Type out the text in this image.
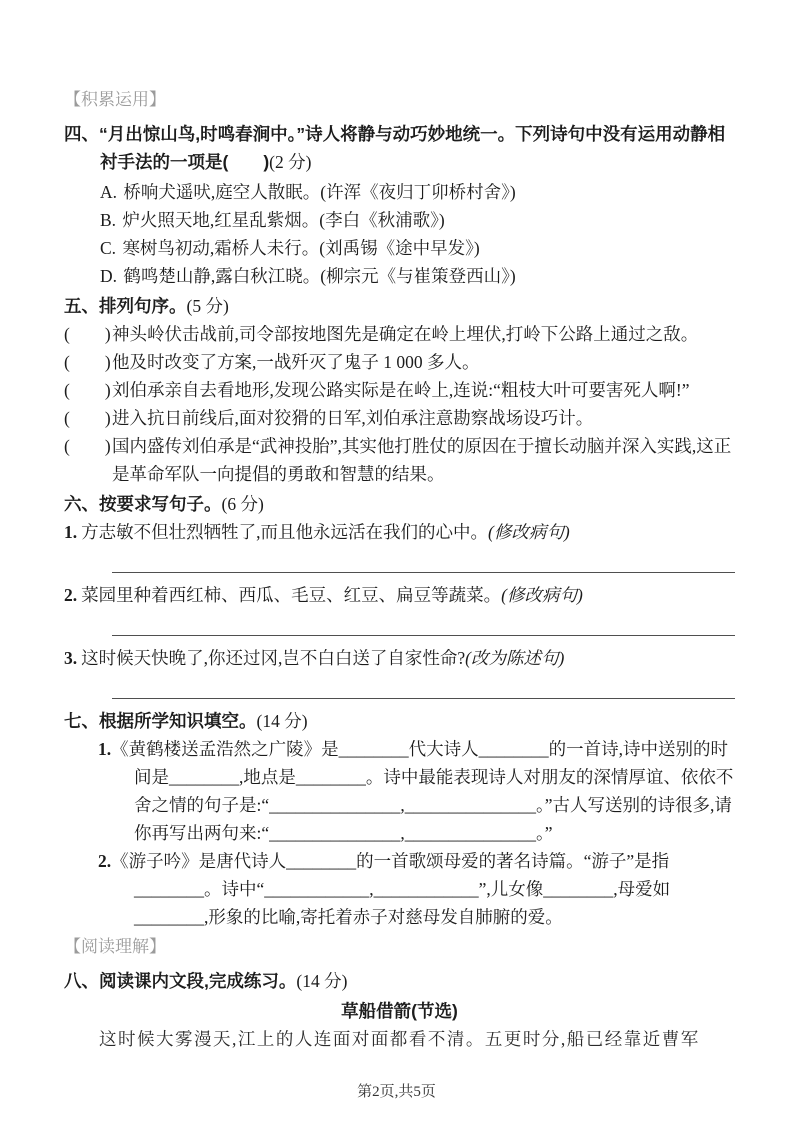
【积累运用】
四、“月出惊山鸟,时鸣春涧中。”诗人将静与动巧妙地统一。下列诗句中没有运用动静相衬手法的一项是(　　)(2 分)
A. 桥响犬遥吠,庭空人散眠。(许浑《夜归丁卯桥村舍》)
B. 炉火照天地,红星乱紫烟。(李白《秋浦歌》)
C. 寒树鸟初动,霜桥人未行。(刘禹锡《途中早发》)
D. 鹤鸣楚山静,露白秋江晓。(柳宗元《与崔策登西山》)
五、排列句序。(5 分)
(　　) 神头岭伏击战前,司令部按地图先是确定在岭上埋伏,打岭下公路上通过之敌。
(　　) 他及时改变了方案,一战歼灭了鬼子 1 000 多人。
(　　) 刘伯承亲自去看地形,发现公路实际是在岭上,连说:“粗枝大叶可要害死人啊!”
(　　) 进入抗日前线后,面对狡猾的日军,刘伯承注意勘察战场设巧计。
(　　) 国内盛传刘伯承是“武神投胎”,其实他打胜仗的原因在于擅长动脑并深入实践,这正是革命军队一向提倡的勇敢和智慧的结果。
六、按要求写句子。(6 分)
1. 方志敏不但壮烈牺牲了,而且他永远活在我们的心中。(修改病句)
2. 菜园里种着西红柿、西瓜、毛豆、红豆、扁豆等蔬菜。(修改病句)
3. 这时候天快晚了,你还过冈,岂不白白送了自家性命?(改为陈述句)
七、根据所学知识填空。(14 分)
1.《黄鹤楼送孟浩然之广陵》是________代大诗人________的一首诗,诗中送别的时间是________,地点是________。诗中最能表现诗人对朋友的深情厚谊、依依不舍之情的句子是:“_______________,_______________。”古人写送别的诗很多,请你再写出两句来:“_______________,_______________。”
2.《游子吟》是唐代诗人________的一首歌颂母爱的著名诗篇。“游子”是指________。诗中“____________,____________”,儿女像________,母爱如________,形象的比喻,寄托着赤子对慈母发自肺腑的爱。
【阅读理解】
八、阅读课内文段,完成练习。(14 分)
草船借箭(节选)
这时候大雾漫天,江上的人连面对面都看不清。五更时分,船已经靠近曹军
第2页,共5页
